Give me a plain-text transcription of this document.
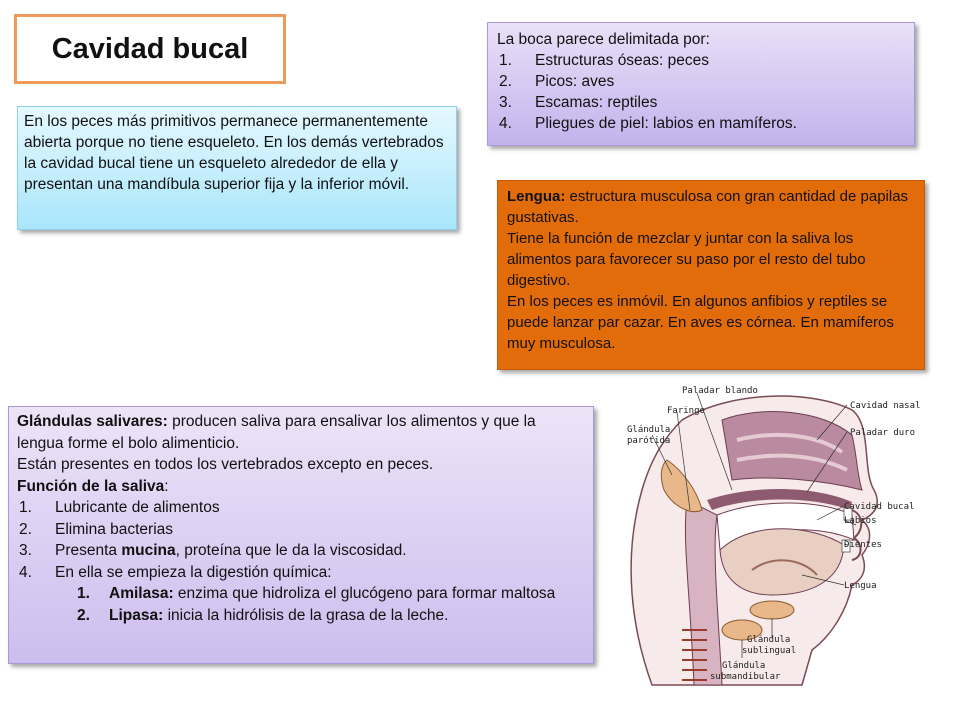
Cavidad bucal

En los peces más primitivos permanece permanentemente abierta porque no tiene esqueleto. En los demás vertebrados la cavidad bucal tiene un esqueleto alrededor de ella y presentan una mandíbula superior fija y la inferior móvil.

La boca parece delimitada por:

1. Estructuras óseas: peces
2. Picos: aves
3. Escamas: reptiles
4. Pliegues de piel: labios en mamíferos.

Lengua: estructura musculosa con gran cantidad de papilas gustativas.

Tiene la función de mezclar y juntar con la saliva los alimentos para favorecer su paso por el resto del tubo digestivo.

En los peces es inmóvil. En algunos anfibios y reptiles se puede lanzar par cazar. En aves es córnea. En mamíferos muy musculosa.

Glándulas salivares: producen saliva para ensalivar los alimentos y que la lengua forme el bolo alimenticio.

Están presentes en todos los vertebrados excepto en peces.

Función de la saliva:

1. Lubricante de alimentos
2. Elimina bacterias
3. Presenta mucina, proteína que le da la viscosidad.
4. En ella se empieza la digestión química:
1. Amilasa: enzima que hidroliza el glucógeno para formar maltosa
2. Lipasa: inicia la hidrólisis de la grasa de la leche.
Paladar blando
Faringe
Glándula
parótida
Cavidad nasal
Paladar duro
Cavidad bucal
Labios
Dientes
Lengua
Glándula
sublingual
Glándula
submandibular
